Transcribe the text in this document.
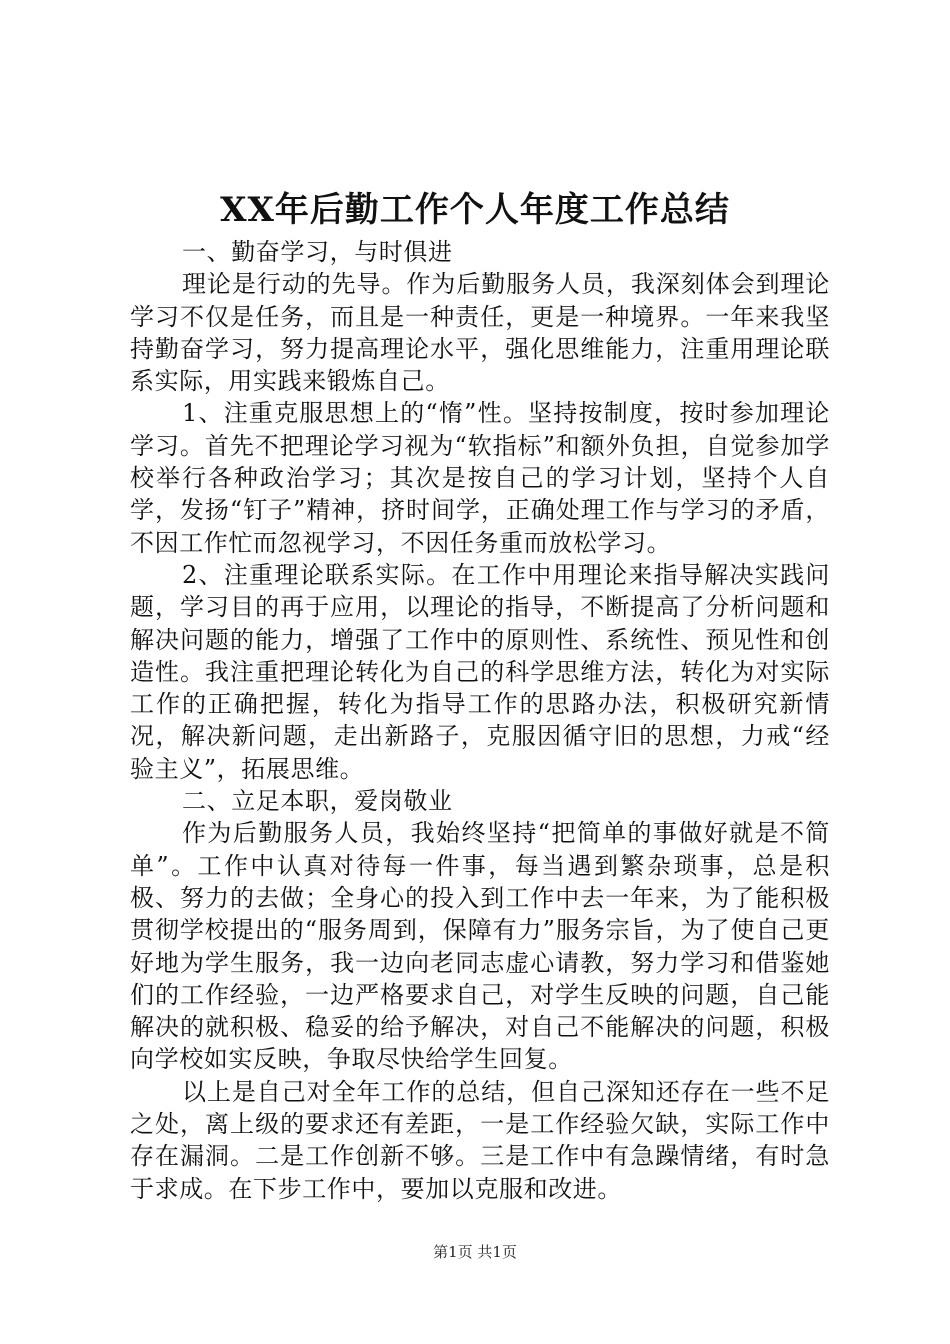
XX年后勤工作个人年度工作总结

一、勤奋学习，与时俱进

理论是行动的先导。作为后勤服务人员，我深刻体会到理论学习不仅是任务，而且是一种责任，更是一种境界。一年来我坚持勤奋学习，努力提高理论水平，强化思维能力，注重用理论联系实际，用实践来锻炼自己。

1、注重克服思想上的“惰”性。坚持按制度，按时参加理论学习。首先不把理论学习视为“软指标”和额外负担，自觉参加学校举行各种政治学习；其次是按自己的学习计划，坚持个人自学，发扬“钉子”精神，挤时间学，正确处理工作与学习的矛盾，不因工作忙而忽视学习，不因任务重而放松学习。

2、注重理论联系实际。在工作中用理论来指导解决实践问题，学习目的再于应用，以理论的指导，不断提高了分析问题和解决问题的能力，增强了工作中的原则性、系统性、预见性和创造性。我注重把理论转化为自己的科学思维方法，转化为对实际工作的正确把握，转化为指导工作的思路办法，积极研究新情况，解决新问题，走出新路子，克服因循守旧的思想，力戒“经验主义”，拓展思维。

二、立足本职，爱岗敬业

作为后勤服务人员，我始终坚持“把简单的事做好就是不简单”。工作中认真对待每一件事，每当遇到繁杂琐事，总是积极、努力的去做；全身心的投入到工作中去一年来，为了能积极贯彻学校提出的“服务周到，保障有力”服务宗旨，为了使自己更好地为学生服务，我一边向老同志虚心请教，努力学习和借鉴她们的工作经验，一边严格要求自己，对学生反映的问题，自己能解决的就积极、稳妥的给予解决，对自己不能解决的问题，积极向学校如实反映，争取尽快给学生回复。

以上是自己对全年工作的总结，但自己深知还存在一些不足之处，离上级的要求还有差距，一是工作经验欠缺，实际工作中存在漏洞。二是工作创新不够。三是工作中有急躁情绪，有时急于求成。在下步工作中，要加以克服和改进。

第1页 共1页
